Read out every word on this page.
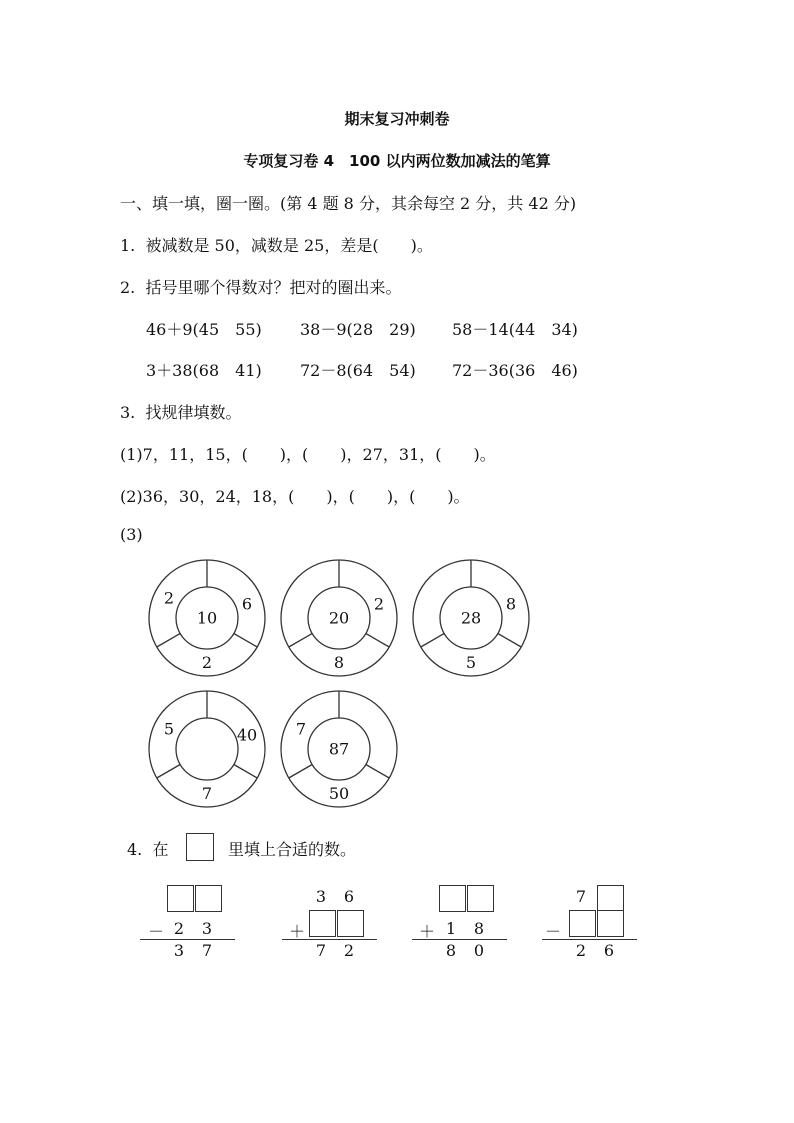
期末复习冲刺卷
专项复习卷 4　100 以内两位数加减法的笔算
一、填一填，圈一圈。(第 4 题 8 分，其余每空 2 分，共 42 分)
1.  被减数是 50，减数是 25，差是(　　)。
2.  括号里哪个得数对？把对的圈出来。
46＋9(45　55) 38－9(28　29) 58－14(44　34)
3＋38(68　41) 72－8(64　54) 72－36(36　46)
3.  找规律填数。
(1)7，11，15，(　　)，(　　)，27，31，(　　)。
(2)36，30，24，18，(　　)，(　　)，(　　)。
(3)
10
2	6
2
20
2
8
28
8
5
5	40
7
87
7
50
4.  在	里填上合适的数。
2	3
－
3	7
3	6
＋
7	2
1	8
＋
8	0
7
－
2	6
